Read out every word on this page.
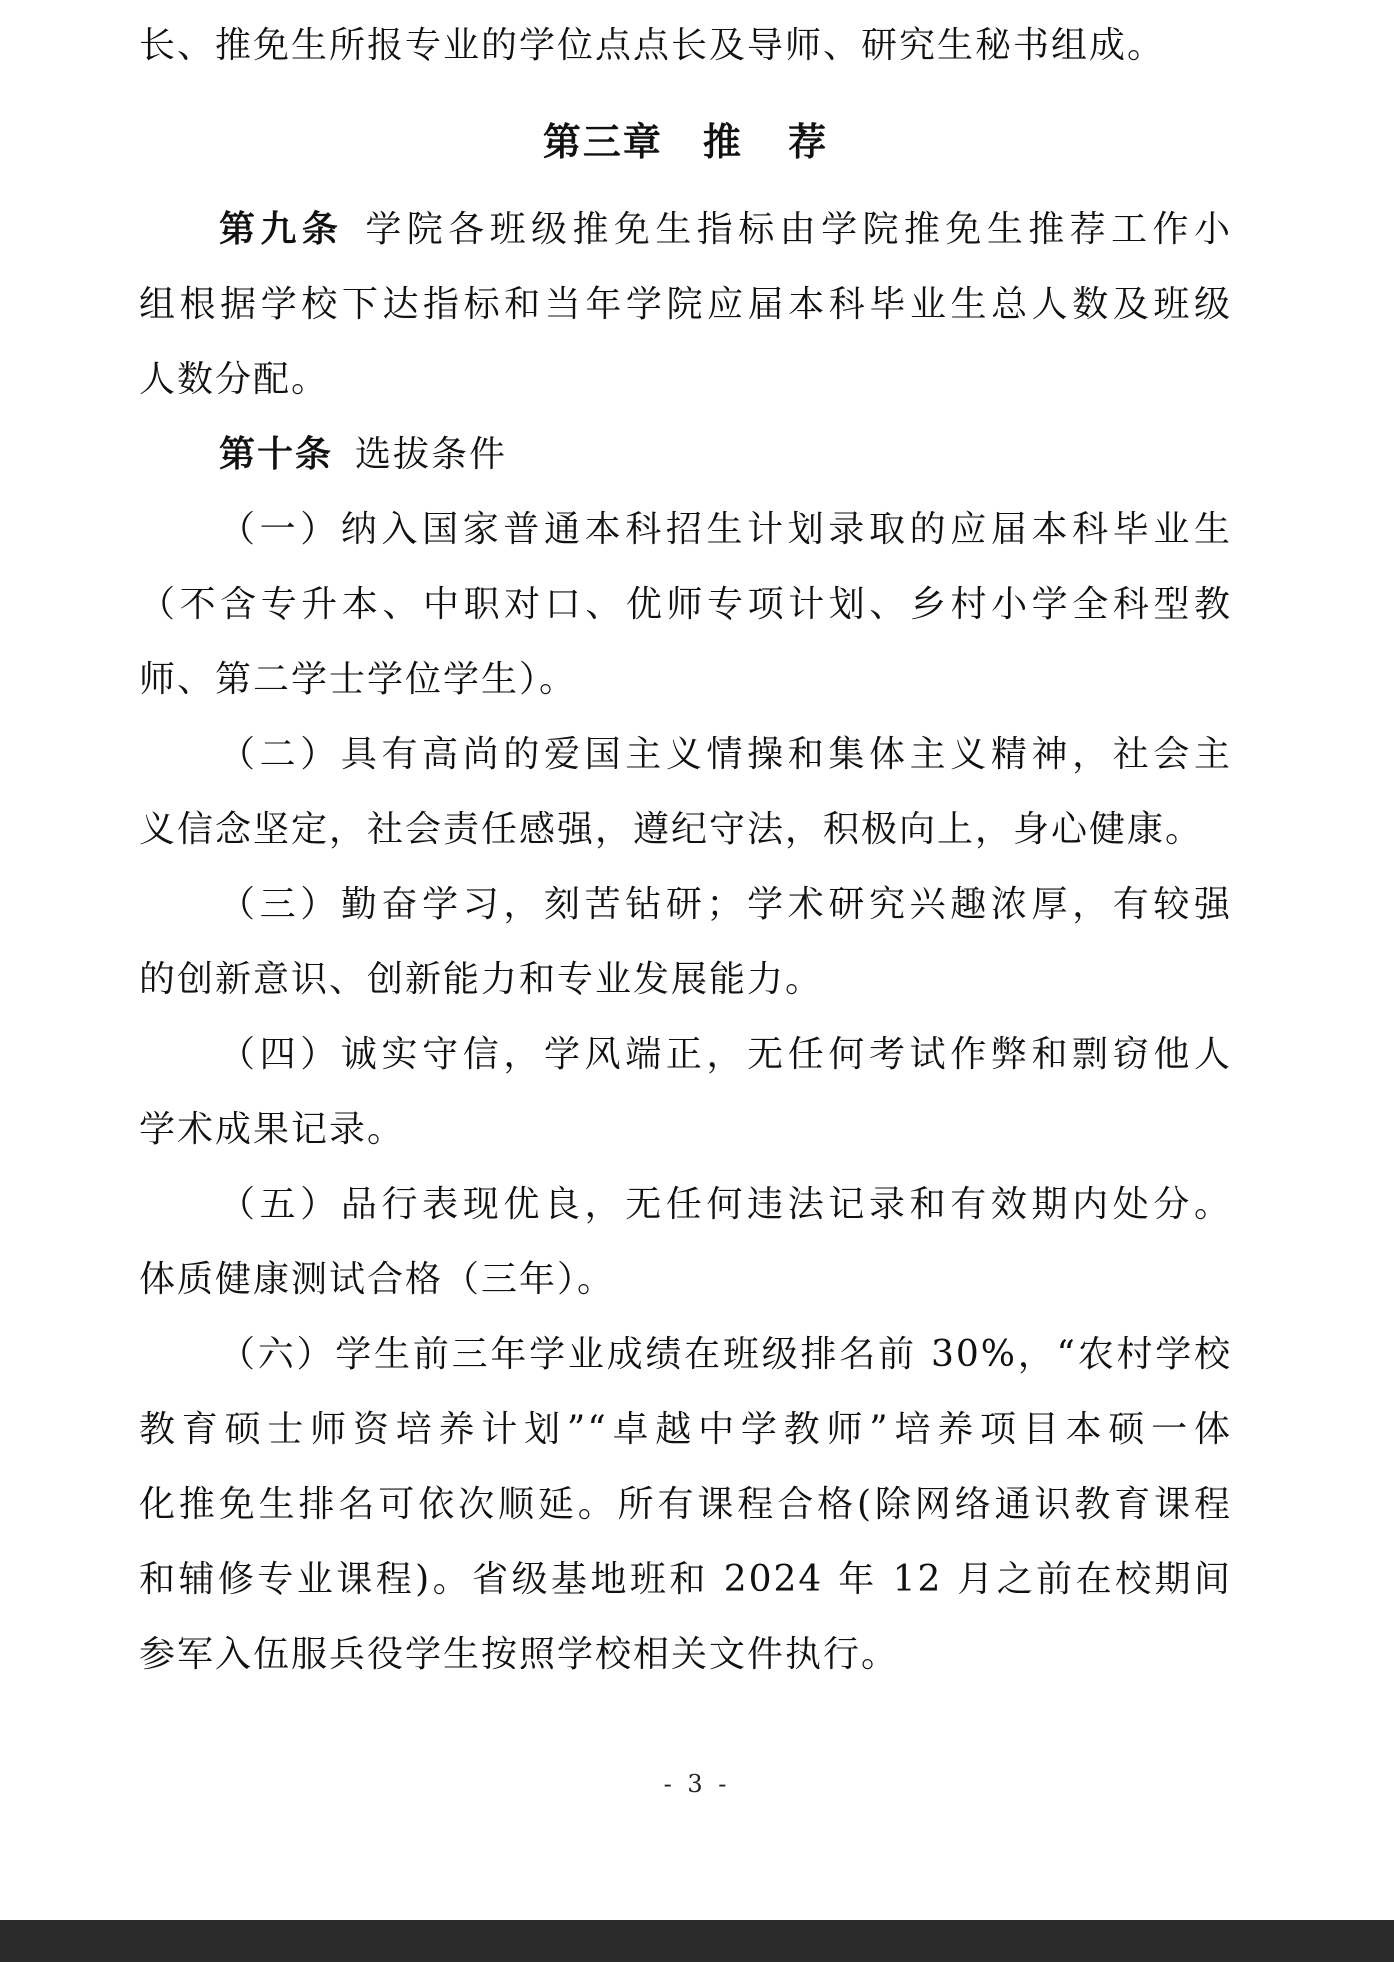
长、推免生所报专业的学位点点长及导师、研究生秘书组成。
第三章　推 荐
第九条 学院各班级推免生指标由学院推免生推荐工作小
组根据学校下达指标和当年学院应届本科毕业生总人数及班级
人数分配。
第十条 选拔条件
（一）纳入国家普通本科招生计划录取的应届本科毕业生
（不含专升本、中职对口、优师专项计划、乡村小学全科型教
师、第二学士学位学生）。
（二）具有高尚的爱国主义情操和集体主义精神，社会主
义信念坚定，社会责任感强，遵纪守法，积极向上，身心健康。
（三）勤奋学习，刻苦钻研；学术研究兴趣浓厚，有较强
的创新意识、创新能力和专业发展能力。
（四）诚实守信，学风端正，无任何考试作弊和剽窃他人
学术成果记录。
（五）品行表现优良，无任何违法记录和有效期内处分。
体质健康测试合格（三年）。
（六）学生前三年学业成绩在班级排名前 30%，“农村学校
教育硕士师资培养计划”“卓越中学教师”培养项目本硕一体
化推免生排名可依次顺延。所有课程合格(除网络通识教育课程
和辅修专业课程)。省级基地班和 2024 年 12 月之前在校期间
参军入伍服兵役学生按照学校相关文件执行。
- 3 -
